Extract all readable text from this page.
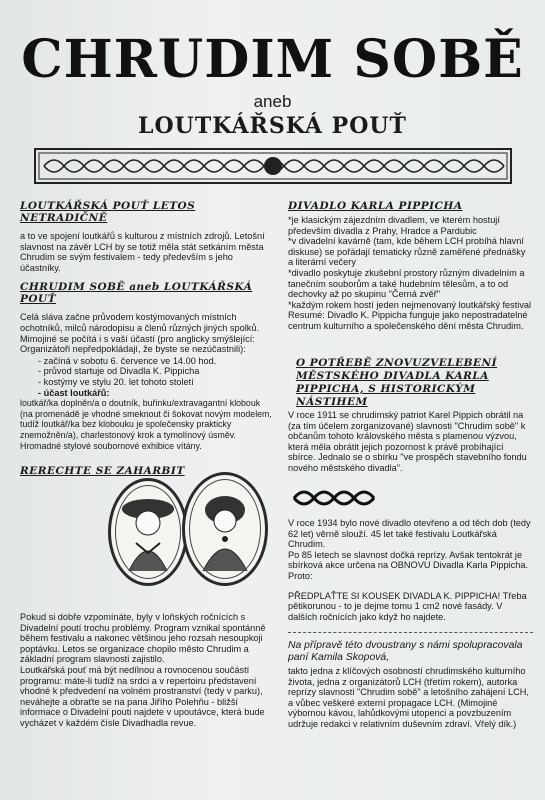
CHRUDIM SOBĚ
aneb
LOUTKÁŘSKÁ POUŤ
LOUTKÁŘSKÁ POUŤ LETOS NETRADIČNĚ

a to ve spojení loutkářů s kulturou z místních zdrojů. Letošní slavnost na závěr LCH by se totiž měla stát setkáním města Chrudim se svým festivalem - tedy především s jeho účastníky.

CHRUDIM SOBĚ aneb LOUTKÁŘSKÁ POUŤ

Celá sláva začne průvodem kostýmovaných místních ochotníků, milců národopisu a členů různých jiných spolků. Mimojiné se počítá i s vaší účastí (pro anglicky smýšlející: Organizátoři nepředpokládají, že byste se nezúčastnili):

- začíná v sobotu 6. července ve 14.00 hod.
- průvod startuje od Divadla K. Pippicha
- kostýmy ve stylu 20. let tohoto století

- účast loutkářů:

loutkář/ka doplněn/a o doutník, buřinku/extravagantní klobouk (na promenádě je vhodné smeknout či šokovat novým modelem, tudíž loutkář/ka bez klobouku je společensky prakticky znemožněn/a), charlestonový krok a tymolínový úsměv. Hromadné stylové soubornové exhibice vítány.

RERECHTE SE ZAHARBIT

Pokud si dobře vzpomínáte, byly v loňských ročnících s Divadelní poutí trochu problémy. Program vznikal spontánně během festivalu a nakonec většinou jeho rozsah nesoupkoji poptávku. Letos se organizace chopilo město Chrudim a základní program slavnosti zajistilo.

Loutkářská pouť má být nedílnou a rovnocenou součástí programu: máte-li tudíž na srdci a v repertoiru představení vhodné k předvedení na volném prostranství (tedy v parku), neváhejte a obraťte se na pana Jiřího Polehňu - bližší informace o Divadelní pouti najdete v upoutávce, která bude vycházet v každém čísle Divadhadla revue.

DIVADLO KARLA PIPPICHA

*je klasickým zájezdním divadlem, ve kterém hostují především divadla z Prahy, Hradce a Pardubic

*v divadelní kavárně (tam, kde během LCH probíhá hlavní diskuse) se pořádají tematicky různě zaměřené přednášky a literární večery

*divadlo poskytuje zkušební prostory různým divadelním a tanečním souborům a také hudebním tělesům, a to od dechovky až po skupinu "Černá zvěř"

*každým rokem hostí jeden nejmenovaný loutkářský festival

Resumé: Divadlo K. Pippicha funguje jako nepostradatelné centrum kulturního a společenského dění města Chrudim.

O POTŘEBĚ ZNOVUZVELEBENÍ MĚSTSKÉHO DIVADLA KARLA PIPPICHA, S HISTORICKÝM NÁSTIHEM

V roce 1911 se chrudimský patriot Karel Pippich obrátil na (za tím účelem zorganizované) slavnosti "Chrudim sobě" k občanům tohoto královského města s plamenou výzvou, která měla obrátit jejich pozornost k právě probíhající sbírce. Jednalo se o sbírku "ve prospěch stavebního fondu nového městského divadla".

V roce 1934 bylo nové divadlo otevřeno a od těch dob (tedy 62 let) věrně slouží. 45 let také festivalu Loutkářská Chrudim.

Po 85 letech se slavnost dočká reprízy. Avšak tentokrát je sbírková akce určena na OBNOVU Divadla Karla Pippicha. Proto:

PŘEDPLAŤTE SI KOUSEK DIVADLA K. PIPPICHA! Třeba pětikorunou - to je dejme tomu 1 cm2 nové fasády. V dalších ročnících jako když ho najdete.

Na přípravě této dvoustrany s námi spolupracovala paní Kamila Skopová,

takto jedna z klíčových osobností chrudimského kulturního života, jedna z organizátorů LCH (třetím rokem), autorka reprízy slavnosti "Chrudim sobě" a letošního zahájení LCH, a vůbec veškeré externí propagace LCH. (Mimojiné výbornou kávou, lahůdkovými utopenci a povzbuzením udržuje redakci v relativním duševním zdraví. Vřelý dík.)
